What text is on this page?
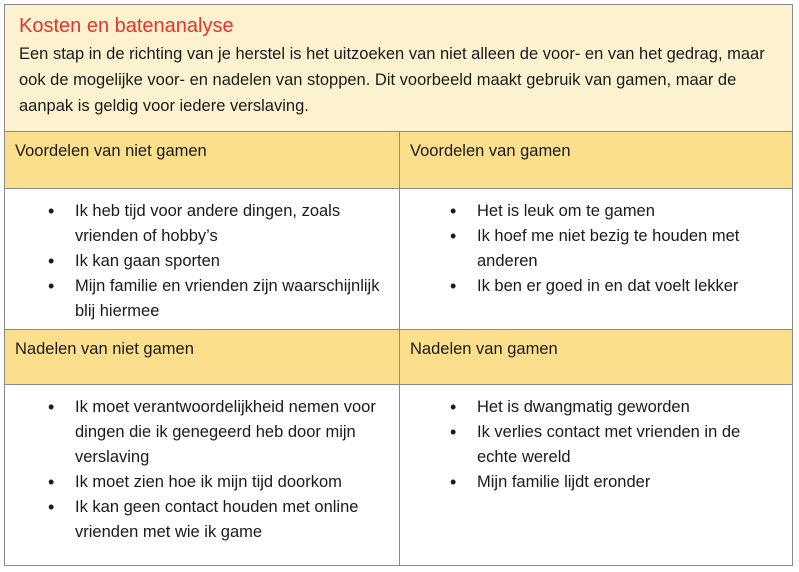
Kosten en batenanalyse

Een stap in de richting van je herstel is het uitzoeken van niet alleen de voor- en van het gedrag, maar ook de mogelijke voor- en nadelen van stoppen. Dit voorbeeld maakt gebruik van gamen, maar de aanpak is geldig voor iedere verslaving.

Voordelen van niet gamen	Voordelen van gamen
• Ik heb tijd voor andere dingen, zoals vrienden of hobby’s
• Ik kan gaan sporten
• Mijn familie en vrienden zijn waarschijnlijk blij hiermee
• Het is leuk om te gamen
• Ik hoef me niet bezig te houden met anderen
• Ik ben er goed in en dat voelt lekker
Nadelen van niet gamen	Nadelen van gamen
• Ik moet verantwoordelijkheid nemen voor dingen die ik genegeerd heb door mijn verslaving
• Ik moet zien hoe ik mijn tijd doorkom
• Ik kan geen contact houden met online vrienden met wie ik game
• Het is dwangmatig geworden
• Ik verlies contact met vrienden in de echte wereld
• Mijn familie lijdt eronder
